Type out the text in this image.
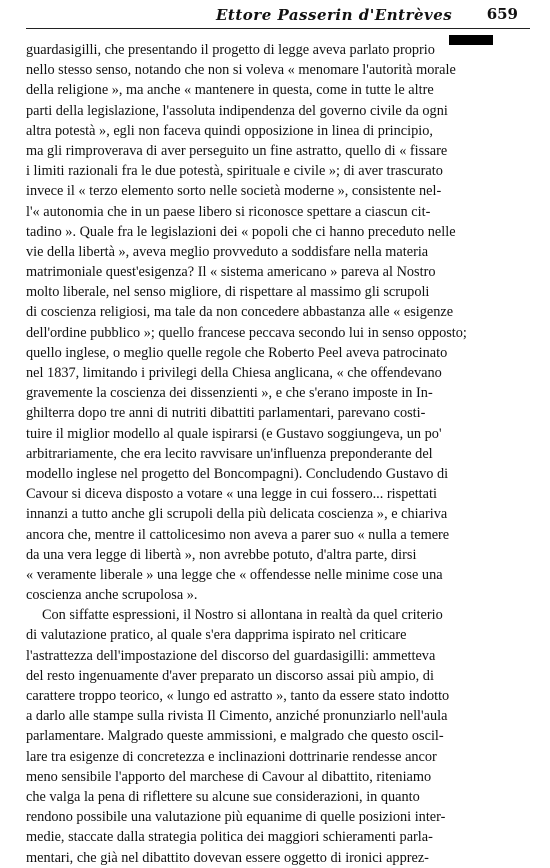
Ettore Passerin d'Entrèves 659
guardasigilli, che presentando il progetto di legge aveva parlato proprio
nello stesso senso, notando che non si voleva « menomare l'autorità morale
della religione », ma anche « mantenere in questa, come in tutte le altre
parti della legislazione, l'assoluta indipendenza del governo civile da ogni
altra potestà », egli non faceva quindi opposizione in linea di principio,
ma gli rimproverava di aver perseguito un fine astratto, quello di « fissare
i limiti razionali fra le due potestà, spirituale e civile »; di aver trascurato
invece il « terzo elemento sorto nelle società moderne », consistente nel-
l'« autonomia che in un paese libero si riconosce spettare a ciascun cit-
tadino ». Quale fra le legislazioni dei « popoli che ci hanno preceduto nelle
vie della libertà », aveva meglio provveduto a soddisfare nella materia
matrimoniale quest'esigenza? Il « sistema americano » pareva al Nostro
molto liberale, nel senso migliore, di rispettare al massimo gli scrupoli
di coscienza religiosi, ma tale da non concedere abbastanza alle « esigenze
dell'ordine pubblico »; quello francese peccava secondo lui in senso opposto;
quello inglese, o meglio quelle regole che Roberto Peel aveva patrocinato
nel 1837, limitando i privilegi della Chiesa anglicana, « che offendevano
gravemente la coscienza dei dissenzienti », e che s'erano imposte in In-
ghilterra dopo tre anni di nutriti dibattiti parlamentari, parevano costi-
tuire il miglior modello al quale ispirarsi (e Gustavo soggiungeva, un po'
arbitrariamente, che era lecito ravvisare un'influenza preponderante del
modello inglese nel progetto del Boncompagni). Concludendo Gustavo di
Cavour si diceva disposto a votare « una legge in cui fossero... rispettati
innanzi a tutto anche gli scrupoli della più delicata coscienza », e chiariva
ancora che, mentre il cattolicesimo non aveva a parer suo « nulla a temere
da una vera legge di libertà », non avrebbe potuto, d'altra parte, dirsi
« veramente liberale » una legge che « offendesse nelle minime cose una
coscienza anche scrupolosa ».
Con siffatte espressioni, il Nostro si allontana in realtà da quel criterio
di valutazione pratico, al quale s'era dapprima ispirato nel criticare
l'astrattezza dell'impostazione del discorso del guardasigilli: ammetteva
del resto ingenuamente d'aver preparato un discorso assai più ampio, di
carattere troppo teorico, « lungo ed astratto », tanto da essere stato indotto
a darlo alle stampe sulla rivista Il Cimento, anziché pronunziarlo nell'aula
parlamentare. Malgrado queste ammissioni, e malgrado che questo oscil-
lare tra esigenze di concretezza e inclinazioni dottrinarie rendesse ancor
meno sensibile l'apporto del marchese di Cavour al dibattito, riteniamo
che valga la pena di riflettere su alcune sue considerazioni, in quanto
rendono possibile una valutazione più equanime di quelle posizioni inter-
medie, staccate dalla strategia politica dei maggiori schieramenti parla-
mentari, che già nel dibattito dovevan essere oggetto di ironici apprez-
